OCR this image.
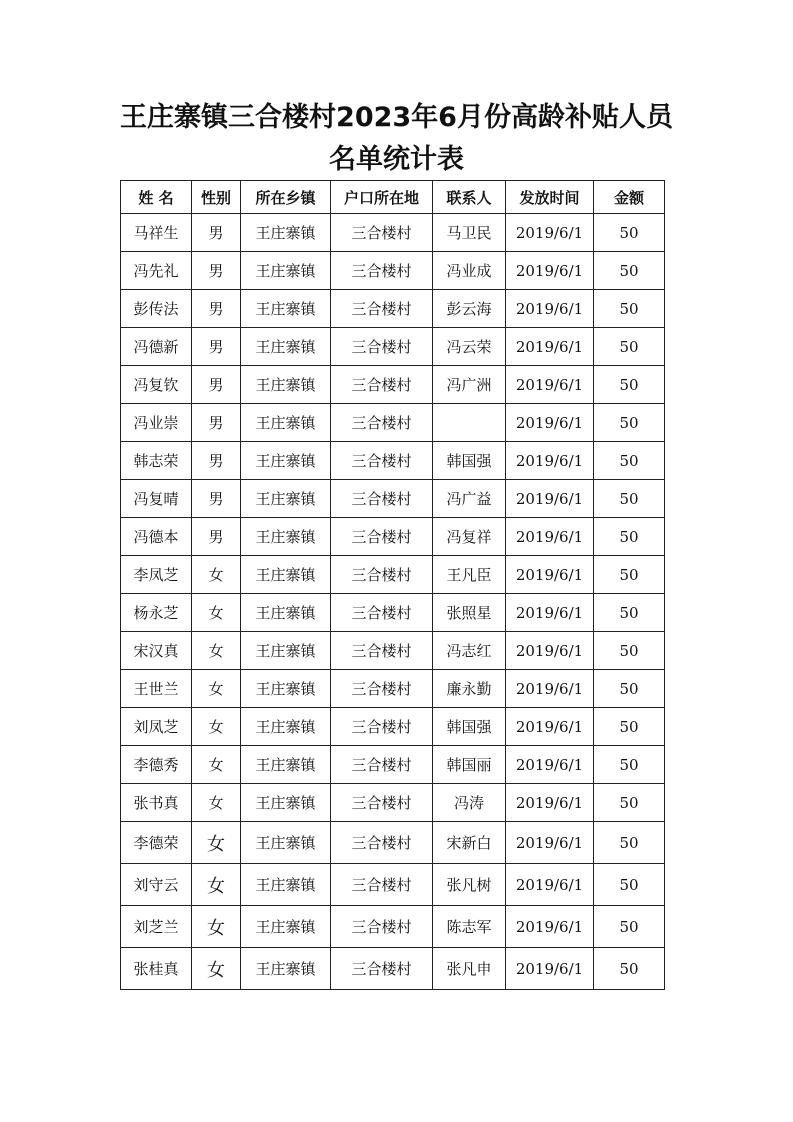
王庄寨镇三合楼村2023年6月份高龄补贴人员
名单统计表
姓 名	性别	所在乡镇	户口所在地	联系人	发放时间	金额
马祥生	男	王庄寨镇	三合楼村	马卫民	2019/6/1	50
冯先礼	男	王庄寨镇	三合楼村	冯业成	2019/6/1	50
彭传法	男	王庄寨镇	三合楼村	彭云海	2019/6/1	50
冯德新	男	王庄寨镇	三合楼村	冯云荣	2019/6/1	50
冯复钦	男	王庄寨镇	三合楼村	冯广洲	2019/6/1	50
冯业崇	男	王庄寨镇	三合楼村		2019/6/1	50
韩志荣	男	王庄寨镇	三合楼村	韩国强	2019/6/1	50
冯复晴	男	王庄寨镇	三合楼村	冯广益	2019/6/1	50
冯德本	男	王庄寨镇	三合楼村	冯复祥	2019/6/1	50
李凤芝	女	王庄寨镇	三合楼村	王凡臣	2019/6/1	50
杨永芝	女	王庄寨镇	三合楼村	张照星	2019/6/1	50
宋汉真	女	王庄寨镇	三合楼村	冯志红	2019/6/1	50
王世兰	女	王庄寨镇	三合楼村	廉永勤	2019/6/1	50
刘凤芝	女	王庄寨镇	三合楼村	韩国强	2019/6/1	50
李德秀	女	王庄寨镇	三合楼村	韩国丽	2019/6/1	50
张书真	女	王庄寨镇	三合楼村	冯涛	2019/6/1	50
李德荣	女	王庄寨镇	三合楼村	宋新白	2019/6/1	50
刘守云	女	王庄寨镇	三合楼村	张凡树	2019/6/1	50
刘芝兰	女	王庄寨镇	三合楼村	陈志军	2019/6/1	50
张桂真	女	王庄寨镇	三合楼村	张凡申	2019/6/1	50
